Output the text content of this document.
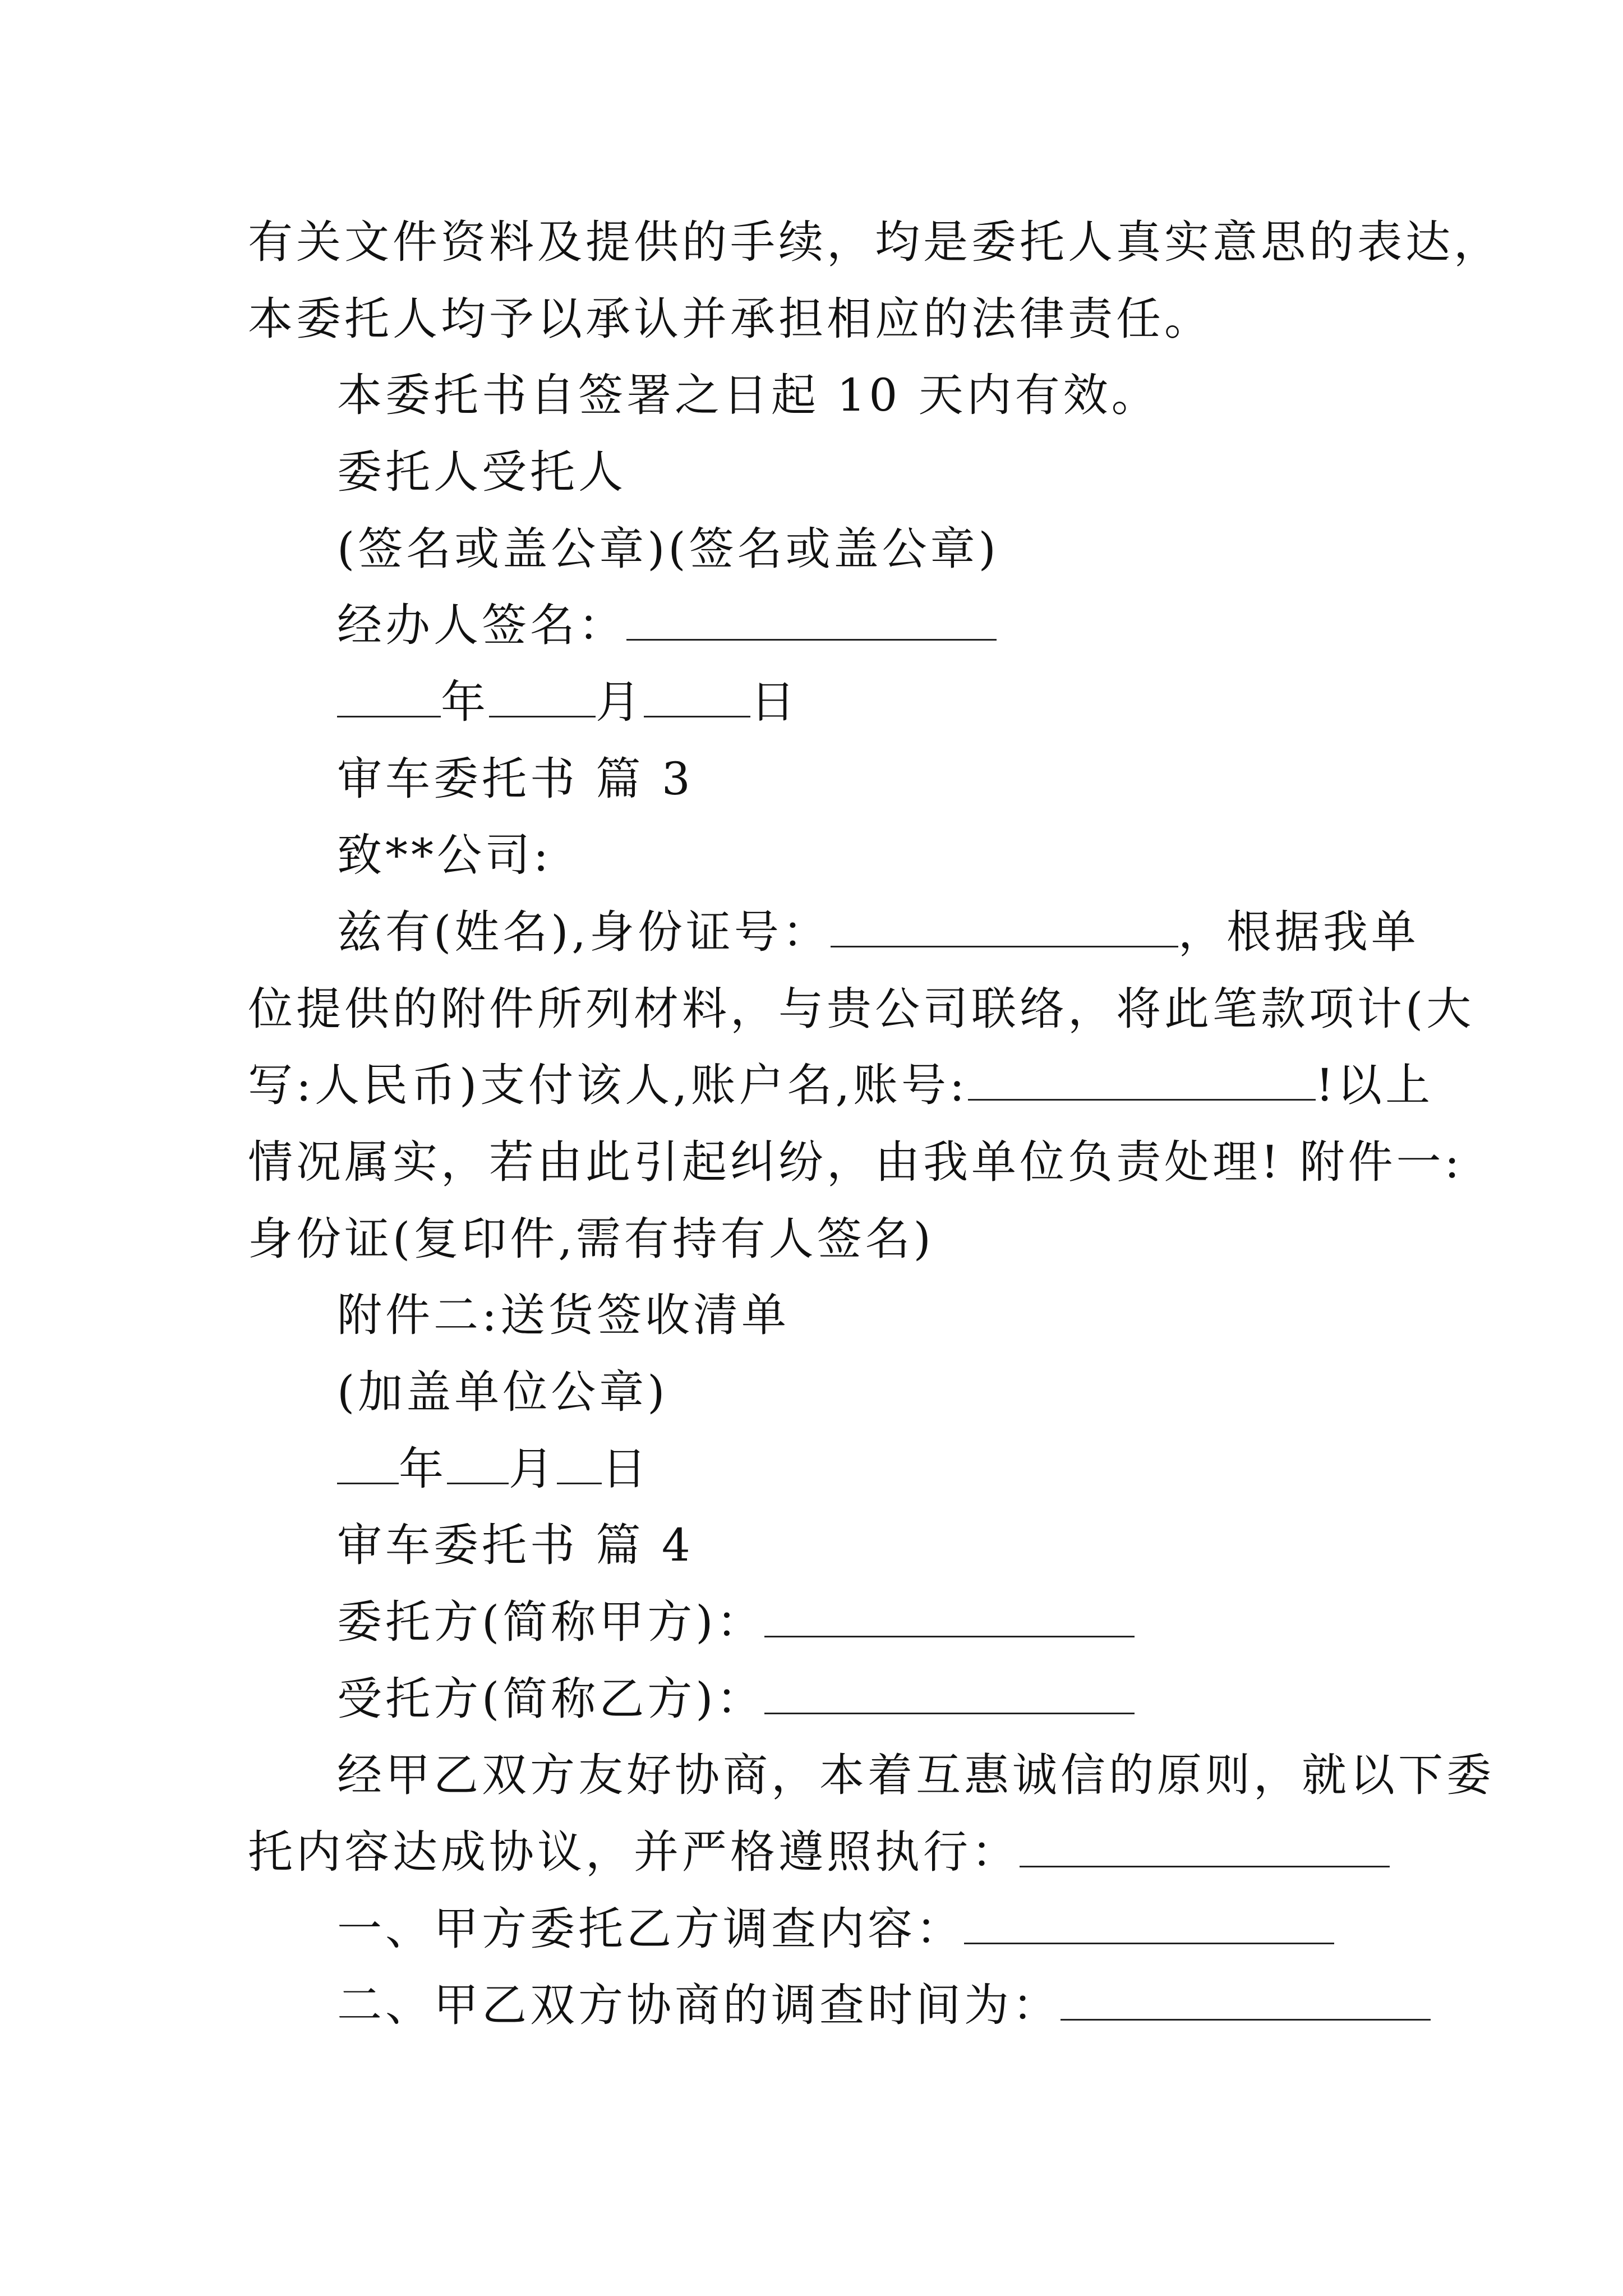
有关文件资料及提供的手续，均是委托人真实意思的表达，
本委托人均予以承认并承担相应的法律责任。
本委托书自签署之日起 10 天内有效。
委托人受托人
(签名或盖公章)(签名或盖公章)
经办人签名：
年 月 日
审车委托书 篇 3
致**公司:
兹有(姓名),身份证号：	，根据我单
位提供的附件所列材料，与贵公司联络，将此笔款项计(大
写:人民币)支付该人,账户名,账号:	!以上
情况属实，若由此引起纠纷，由我单位负责处理! 附件一:
身份证(复印件,需有持有人签名)
附件二:送货签收清单
(加盖单位公章)
年 月 日
审车委托书 篇 4
委托方(简称甲方)：
受托方(简称乙方)：
经甲乙双方友好协商，本着互惠诚信的原则，就以下委
托内容达成协议，并严格遵照执行：
一、甲方委托乙方调查内容：
二、甲乙双方协商的调查时间为：
